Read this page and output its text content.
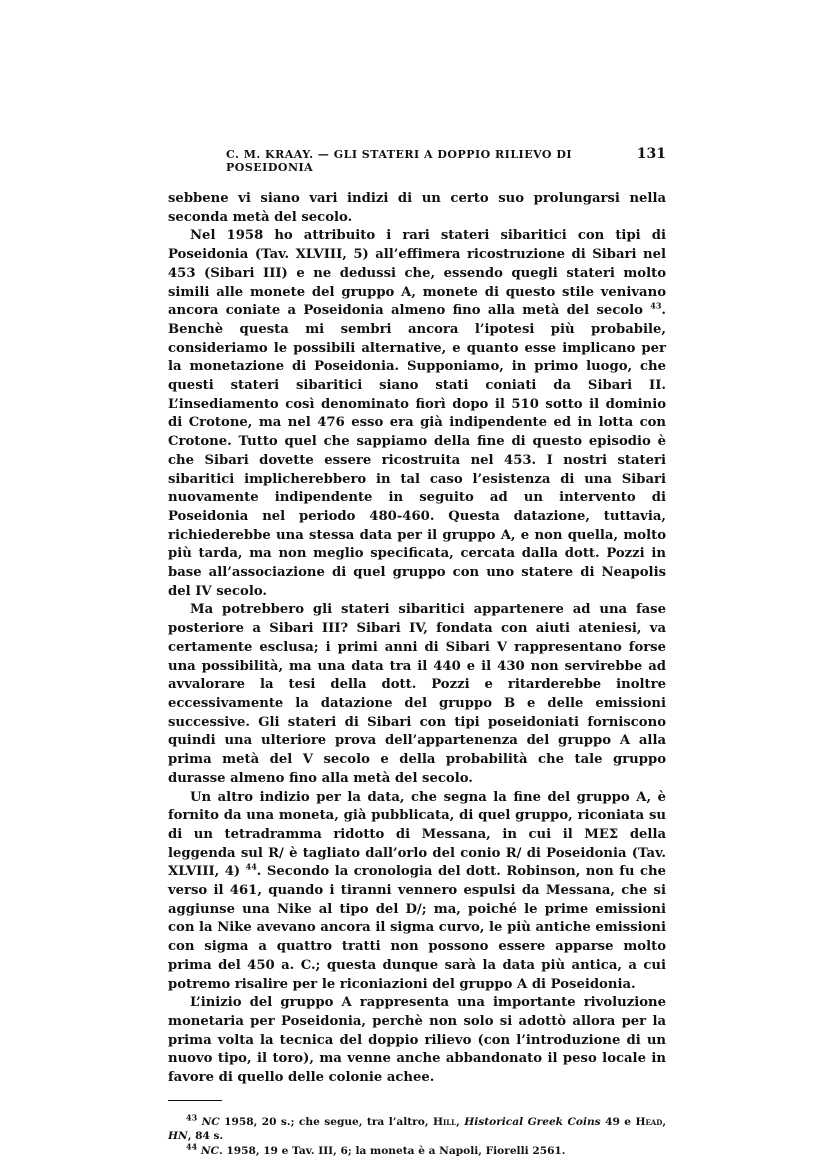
C. M. KRAAY. — GLI STATERI A DOPPIO RILIEVO DI POSEIDONIA
131

sebbene vi siano vari indizi di un certo suo prolungarsi nella seconda metà del secolo.

Nel 1958 ho attribuito i rari stateri sibaritici con tipi di Poseidonia (Tav. XLVIII, 5) all’effimera ricostruzione di Sibari nel 453 (Sibari III) e ne dedussi che, essendo quegli stateri molto simili alle monete del gruppo A, monete di questo stile venivano ancora coniate a Poseidonia almeno fino alla metà del secolo $^{43}$. Benchè questa mi sembri ancora l’ipotesi più probabile, consideriamo le possibili alternative, e quanto esse implicano per la monetazione di Poseidonia. Supponiamo, in primo luogo, che questi stateri sibaritici siano stati coniati da Sibari II. L’insediamento così denominato fiorì dopo il 510 sotto il dominio di Crotone, ma nel 476 esso era già indipendente ed in lotta con Crotone. Tutto quel che sappiamo della fine di questo episodio è che Sibari dovette essere ricostruita nel 453. I nostri stateri sibaritici implicherebbero in tal caso l’esistenza di una Sibari nuovamente indipendente in seguito ad un intervento di Poseidonia nel periodo 480-460. Questa datazione, tuttavia, richiederebbe una stessa data per il gruppo A, e non quella, molto più tarda, ma non meglio specificata, cercata dalla dott. Pozzi in base all’associazione di quel gruppo con uno statere di Neapolis del IV secolo.

Ma potrebbero gli stateri sibaritici appartenere ad una fase posteriore a Sibari III? Sibari IV, fondata con aiuti ateniesi, va certamente esclusa; i primi anni di Sibari V rappresentano forse una possibilità, ma una data tra il 440 e il 430 non servirebbe ad avvalorare la tesi della dott. Pozzi e ritarderebbe inoltre eccessivamente la datazione del gruppo B e delle emissioni successive. Gli stateri di Sibari con tipi poseidoniati forniscono quindi una ulteriore prova dell’appartenenza del gruppo A alla prima metà del V secolo e della probabilità che tale gruppo durasse almeno fino alla metà del secolo.

Un altro indizio per la data, che segna la fine del gruppo A, è fornito da una moneta, già pubblicata, di quel gruppo, riconiata su di un tetradramma ridotto di Messana, in cui il ΜΕΣ della leggenda sul R/ è tagliato dall’orlo del conio R/ di Poseidonia (Tav. XLVIII, 4) $^{44}$. Secondo la cronologia del dott. Robinson, non fu che verso il 461, quando i tiranni vennero espulsi da Messana, che si aggiunse una Nike al tipo del D/; ma, poiché le prime emissioni con la Nike avevano ancora il sigma curvo, le più antiche emissioni con sigma a quattro tratti non possono essere apparse molto prima del 450 a. C.; questa dunque sarà la data più antica, a cui potremo risalire per le riconiazioni del gruppo A di Poseidonia.

L’inizio del gruppo A rappresenta una importante rivoluzione monetaria per Poseidonia, perchè non solo si adottò allora per la prima volta la tecnica del doppio rilievo (con l’introduzione di un nuovo tipo, il toro), ma venne anche abbandonato il peso locale in favore di quello delle colonie achee.

$^{43}$ NC 1958, 20 s.; che segue, tra l’altro, Hill, Historical Greek Coins 49 e Head, HN, 84 s.

$^{44}$ NC. 1958, 19 e Tav. III, 6; la moneta è a Napoli, Fiorelli 2561.
